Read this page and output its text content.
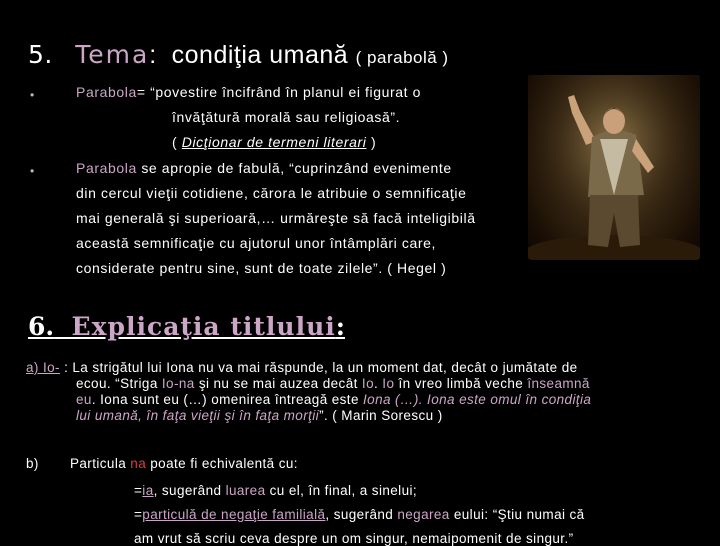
5. Tema: condiţia umană ( parabolă )
•	Parabola= “povestire încifrând în planul ei figurat o
învăţătură morală sau religioasă”.
( Dicţionar de termeni literari )
•	Parabola se apropie de fabulă, “cuprinzând evenimente
din cercul vieţii cotidiene, cărora le atribuie o semnificaţie
mai generală şi superioară,… urmăreşte să facă inteligibilă
această semnificaţie cu ajutorul unor întâmplări care,
considerate pentru sine, sunt de toate zilele”. ( Hegel )
6. Explicaţia titlului:
a) Io- : La strigătul lui Iona nu va mai răspunde, la un moment dat, decât o jumătate de
ecou. “Striga Io-na şi nu se mai auzea decât Io. Io în vreo limbă veche înseamnă
eu. Iona sunt eu (…) omenirea întreagă este Iona (…). Iona este omul în condiţia
lui umană, în faţa vieţii şi în faţa morţii”. ( Marin Sorescu )
b) Particula na poate fi echivalentă cu:
=ia, sugerând luarea cu el, în final, a sinelui;
=particulă de negaţie familială, sugerând negarea eului: “Ştiu numai că
am vrut să scriu ceva despre un om singur, nemaipomenit de singur.”
